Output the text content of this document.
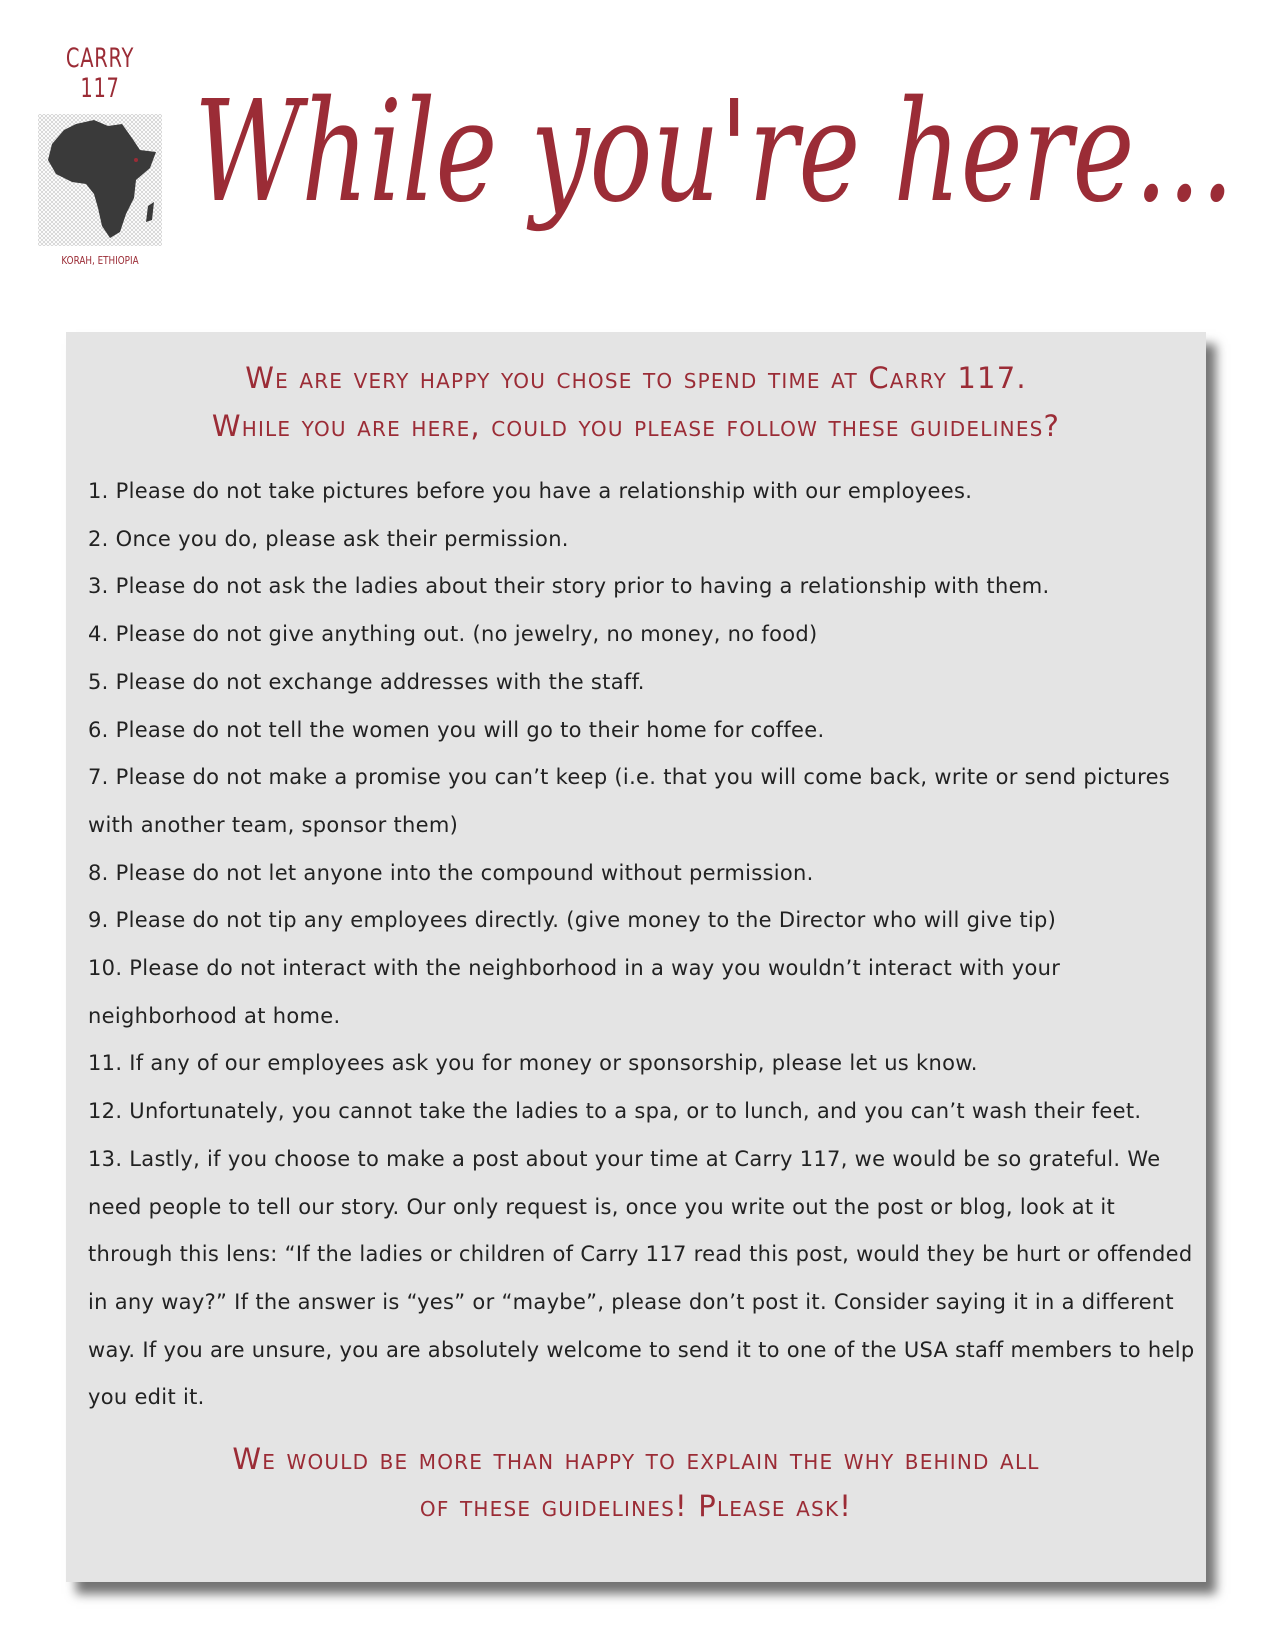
CARRY 117
KORAH, ETHIOPIA
While you're here...
We are very happy you chose to spend time at Carry 117.
While you are here, could you please follow these guidelines?
1. Please do not take pictures before you have a relationship with our employees.
2. Once you do, please ask their permission.
3. Please do not ask the ladies about their story prior to having a relationship with them.
4. Please do not give anything out. (no jewelry, no money, no food)
5. Please do not exchange addresses with the staff.
6. Please do not tell the women you will go to their home for coffee.
7. Please do not make a promise you can’t keep (i.e. that you will come back, write or send pictures with another team, sponsor them)
8. Please do not let anyone into the compound without permission.
9. Please do not tip any employees directly. (give money to the Director who will give tip)
10. Please do not interact with the neighborhood in a way you wouldn’t interact with your neighborhood at home.
11. If any of our employees ask you for money or sponsorship, please let us know.
12. Unfortunately, you cannot take the ladies to a spa, or to lunch, and you can’t wash their feet.
13. Lastly, if you choose to make a post about your time at Carry 117, we would be so grateful. We need people to tell our story. Our only request is, once you write out the post or blog, look at it through this lens: “If the ladies or children of Carry 117 read this post, would they be hurt or offended in any way?” If the answer is “yes” or “maybe”, please don’t post it. Consider saying it in a different way. If you are unsure, you are absolutely welcome to send it to one of the USA staff members to help you edit it.
We would be more than happy to explain the why behind all
of these guidelines! Please ask!
